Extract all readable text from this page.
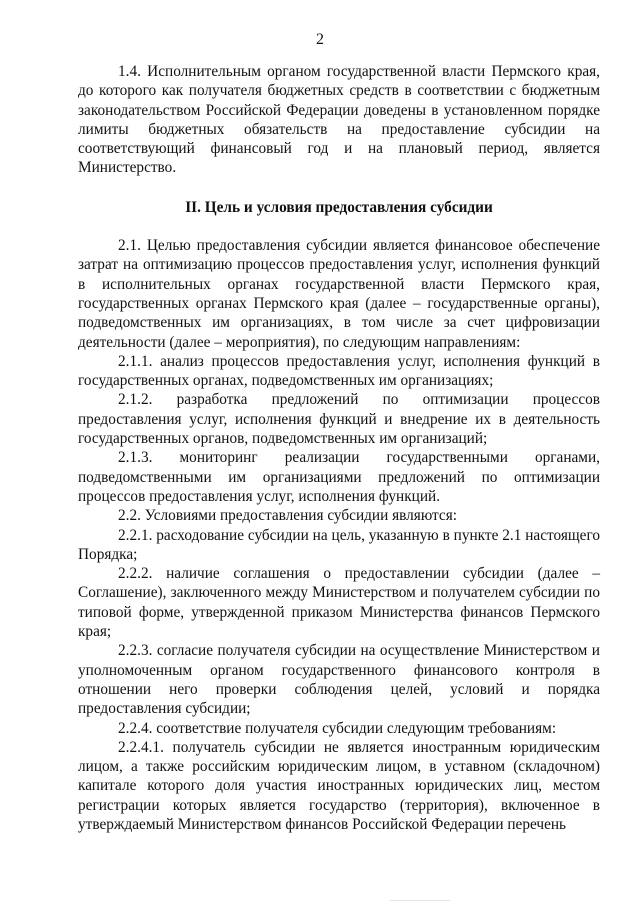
2

1.4. Исполнительным органом государственной власти Пермского края, до которого как получателя бюджетных средств в соответствии с бюджетным законодательством Российской Федерации доведены в установленном порядке лимиты бюджетных обязательств на предоставление субсидии на соответствующий финансовый год и на плановый период, является Министерство.

II. Цель и условия предоставления субсидии

2.1. Целью предоставления субсидии является финансовое обеспечение затрат на оптимизацию процессов предоставления услуг, исполнения функций в исполнительных органах государственной власти Пермского края, государственных органах Пермского края (далее – государственные органы), подведомственных им организациях, в том числе за счет цифровизации деятельности (далее – мероприятия), по следующим направлениям:

2.1.1. анализ процессов предоставления услуг, исполнения функций в государственных органах, подведомственных им организациях;

2.1.2. разработка предложений по оптимизации процессов предоставления услуг, исполнения функций и внедрение их в деятельность государственных органов, подведомственных им организаций;

2.1.3. мониторинг реализации государственными органами, подведомственными им организациями предложений по оптимизации процессов предоставления услуг, исполнения функций.

2.2. Условиями предоставления субсидии являются:

2.2.1. расходование субсидии на цель, указанную в пункте 2.1 настоящего Порядка;

2.2.2. наличие соглашения о предоставлении субсидии (далее – Соглашение), заключенного между Министерством и получателем субсидии по типовой форме, утвержденной приказом Министерства финансов Пермского края;

2.2.3. согласие получателя субсидии на осуществление Министерством и уполномоченным органом государственного финансового контроля в отношении него проверки соблюдения целей, условий и порядка предоставления субсидии;

2.2.4. соответствие получателя субсидии следующим требованиям:

2.2.4.1. получатель субсидии не является иностранным юридическим лицом, а также российским юридическим лицом, в уставном (складочном) капитале которого доля участия иностранных юридических лиц, местом регистрации которых является государство (территория), включенное в утверждаемый Министерством финансов Российской Федерации перечень
